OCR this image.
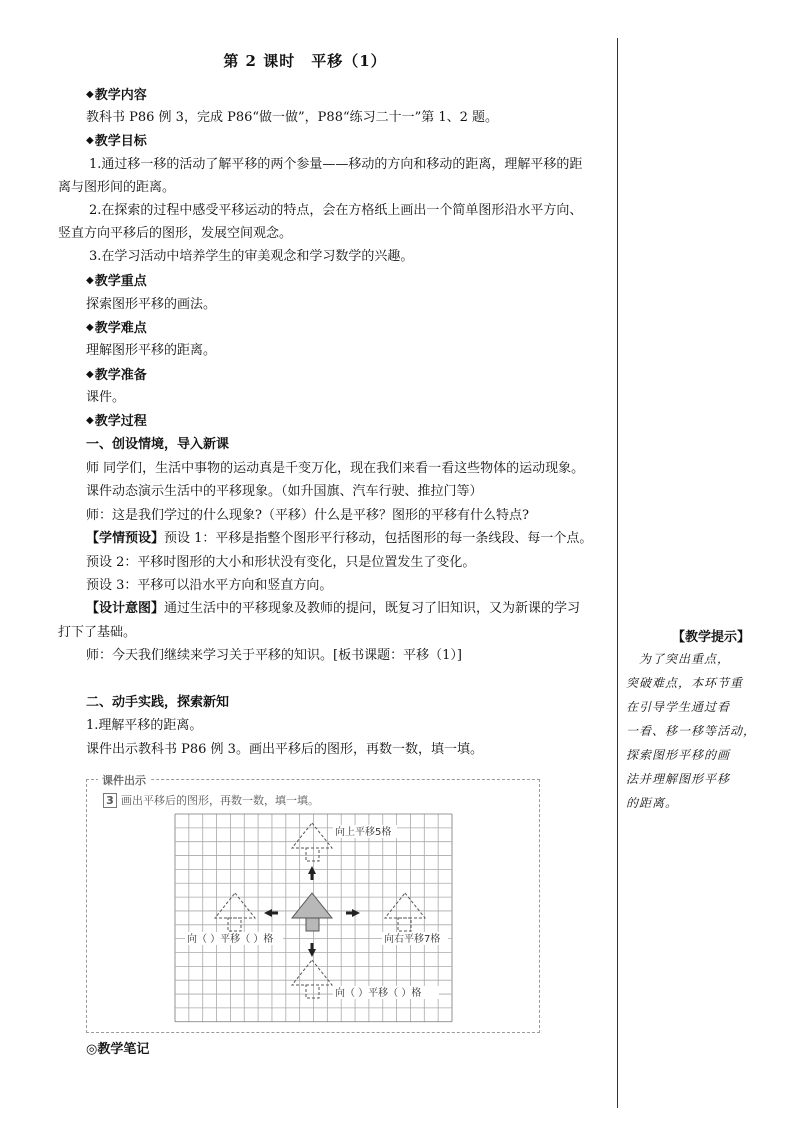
第 2 课时　平移（1）
◆教学内容
教科书 P86 例 3，完成 P86“做一做”，P88“练习二十一”第 1、2 题。
◆教学目标
1.通过移一移的活动了解平移的两个参量——移动的方向和移动的距离，理解平移的距
离与图形间的距离。
2.在探索的过程中感受平移运动的特点，会在方格纸上画出一个简单图形沿水平方向、
竖直方向平移后的图形，发展空间观念。
3.在学习活动中培养学生的审美观念和学习数学的兴趣。
◆教学重点
探索图形平移的画法。
◆教学难点
理解图形平移的距离。
◆教学准备
课件。
◆教学过程
一、创设情境，导入新课
师 同学们，生活中事物的运动真是千变万化，现在我们来看一看这些物体的运动现象。
课件动态演示生活中的平移现象。（如升国旗、汽车行驶、推拉门等）
师：这是我们学过的什么现象?（平移）什么是平移？图形的平移有什么特点?
【学情预设】预设 1：平移是指整个图形平行移动，包括图形的每一条线段、每一个点。
预设 2：平移时图形的大小和形状没有变化，只是位置发生了变化。
预设 3：平移可以沿水平方向和竖直方向。
【设计意图】通过生活中的平移现象及教师的提问，既复习了旧知识，又为新课的学习
打下了基础。
师：今天我们继续来学习关于平移的知识。[板书课题：平移（1）]
二、动手实践，探索新知
1.理解平移的距离。
课件出示教科书 P86 例 3。画出平移后的图形，再数一数，填一填。
课件出示
3 画出平移后的图形，再数一数，填一填。
向上平移5格
向（ ）平移（ ）格	向右平移7格
向（ ）平移（ ）格
◎教学笔记
【教学提示】
　为了突出重点，
突破难点，本环节重
在引导学生通过看
一看、移一移等活动，
探索图形平移的画
法并理解图形平移
的距离。
